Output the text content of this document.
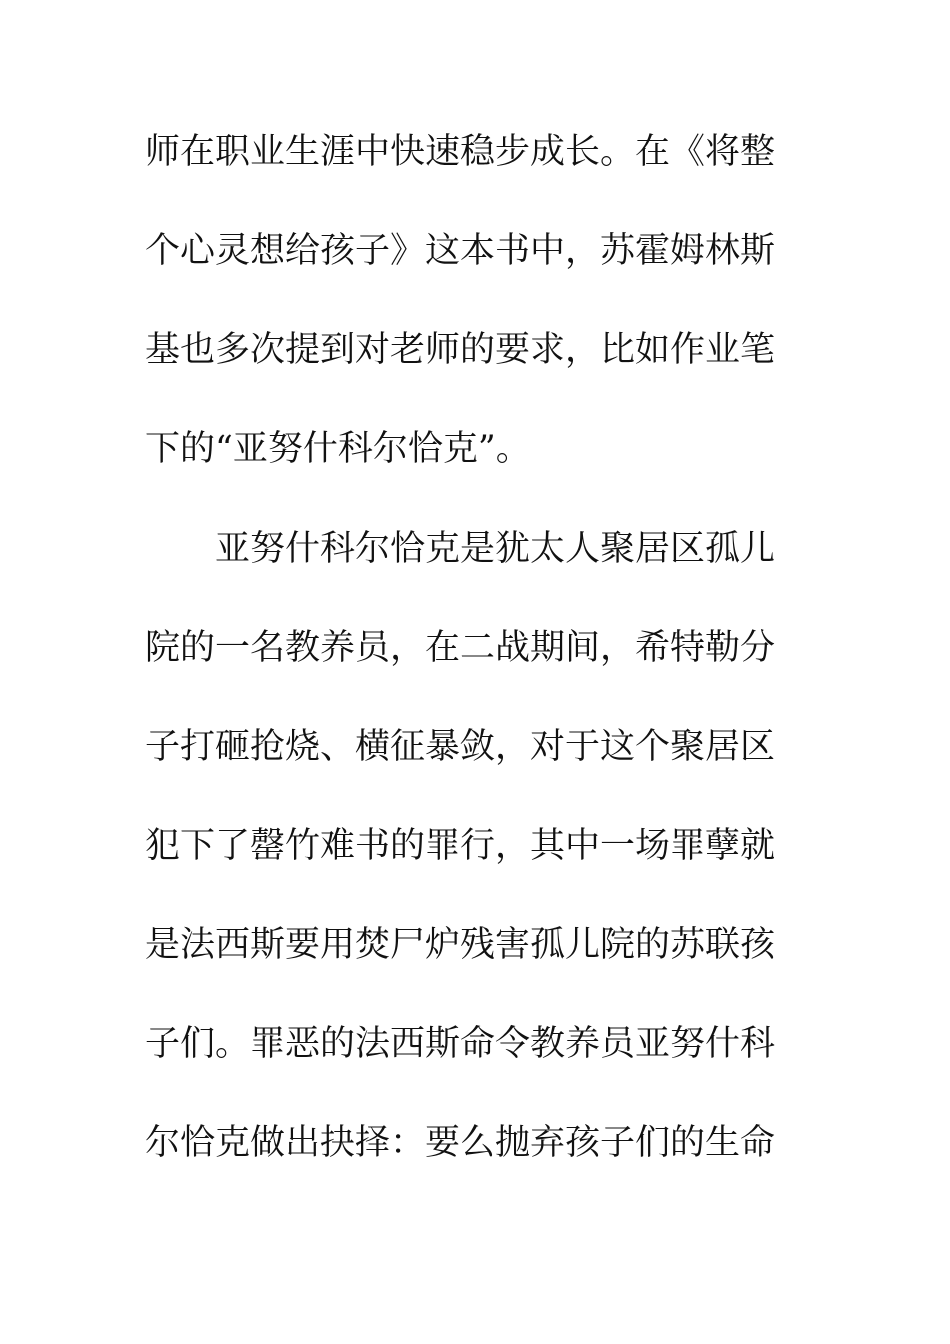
师在职业生涯中快速稳步成长。在《将整
个心灵想给孩子》这本书中，苏霍姆林斯
基也多次提到对老师的要求，比如作业笔
下的“亚努什科尔恰克”。
亚努什科尔恰克是犹太人聚居区孤儿
院的一名教养员，在二战期间，希特勒分
子打砸抢烧、横征暴敛，对于这个聚居区
犯下了罄竹难书的罪行，其中一场罪孽就
是法西斯要用焚尸炉残害孤儿院的苏联孩
子们。罪恶的法西斯命令教养员亚努什科
尔恰克做出抉择：要么抛弃孩子们的生命
